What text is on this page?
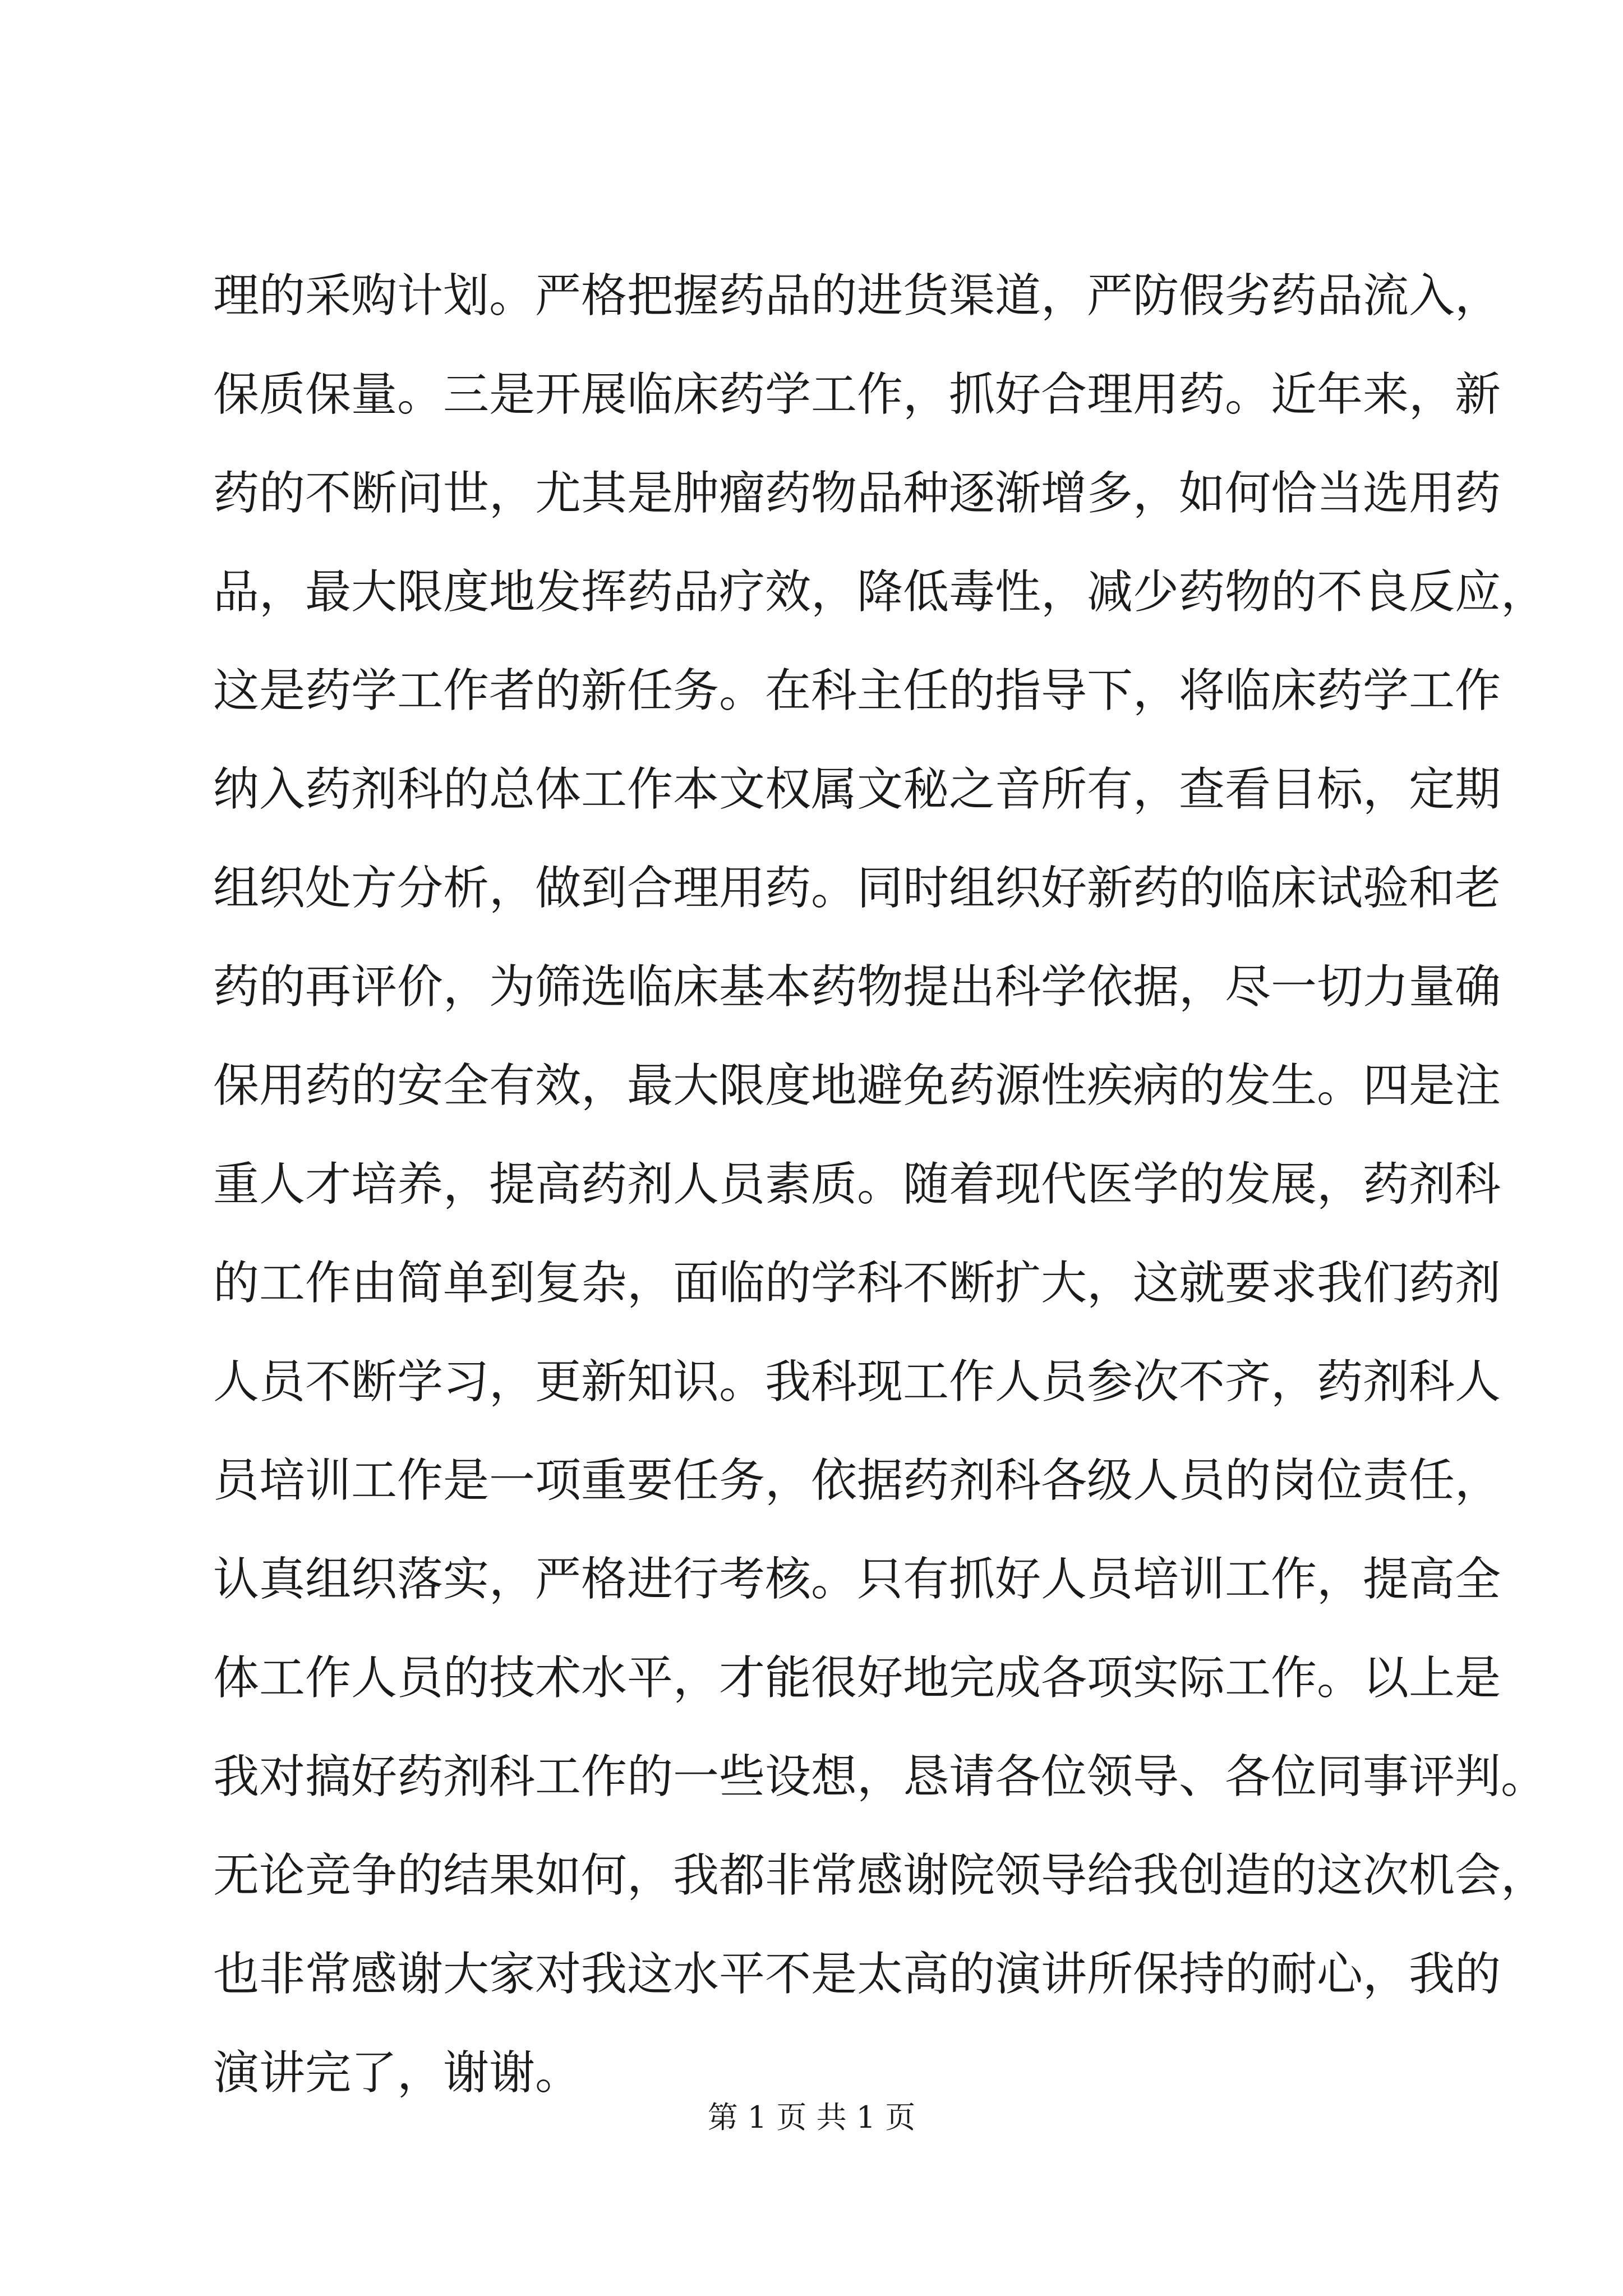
理的采购计划。严格把握药品的进货渠道，严防假劣药品流入，
保质保量。三是开展临床药学工作，抓好合理用药。近年来，新
药的不断问世，尤其是肿瘤药物品种逐渐增多，如何恰当选用药
品，最大限度地发挥药品疗效，降低毒性，减少药物的不良反应，
这是药学工作者的新任务。在科主任的指导下，将临床药学工作
纳入药剂科的总体工作本文权属文秘之音所有，查看目标，定期
组织处方分析，做到合理用药。同时组织好新药的临床试验和老
药的再评价，为筛选临床基本药物提出科学依据，尽一切力量确
保用药的安全有效，最大限度地避免药源性疾病的发生。四是注
重人才培养，提高药剂人员素质。随着现代医学的发展，药剂科
的工作由简单到复杂，面临的学科不断扩大，这就要求我们药剂
人员不断学习，更新知识。我科现工作人员参次不齐，药剂科人
员培训工作是一项重要任务，依据药剂科各级人员的岗位责任，
认真组织落实，严格进行考核。只有抓好人员培训工作，提高全
体工作人员的技术水平，才能很好地完成各项实际工作。以上是
我对搞好药剂科工作的一些设想，恳请各位领导、各位同事评判。
无论竞争的结果如何，我都非常感谢院领导给我创造的这次机会，
也非常感谢大家对我这水平不是太高的演讲所保持的耐心，我的
演讲完了，谢谢。
第 1 页 共 1 页
